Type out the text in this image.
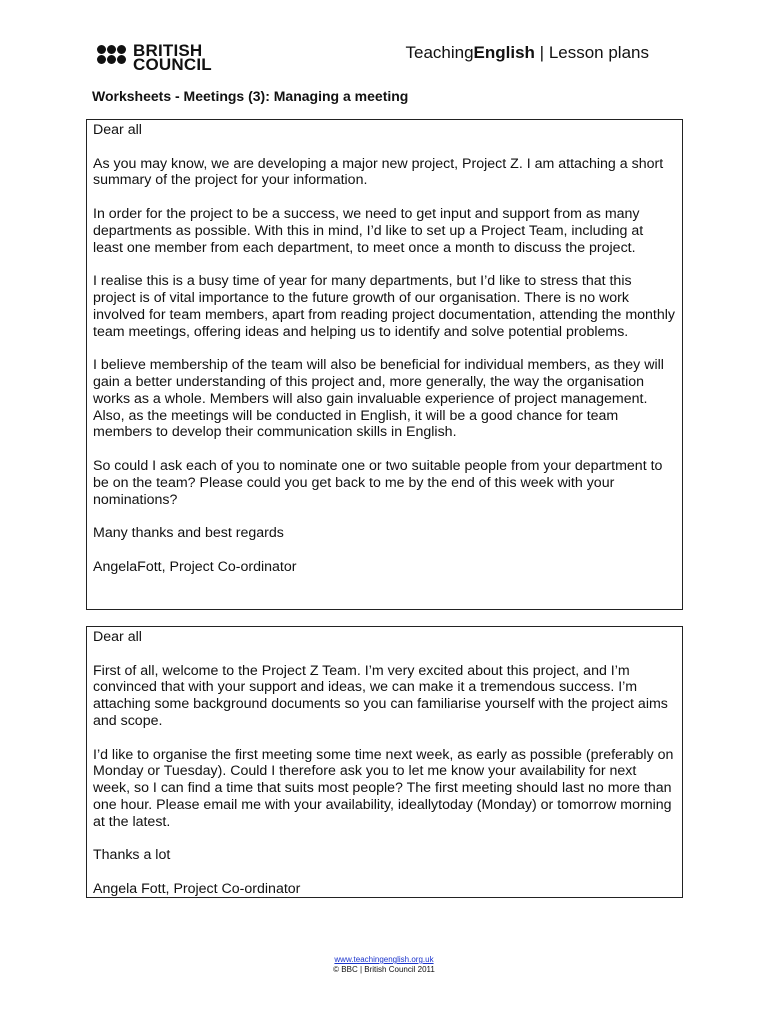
BRITISH
COUNCIL
TeachingEnglish | Lesson plans
Worksheets - Meetings (3): Managing a meeting

Dear all

As you may know, we are developing a major new project, Project Z. I am attaching a short summary of the project for your information.

In order for the project to be a success, we need to get input and support from as many departments as possible. With this in mind, I’d like to set up a Project Team, including at least one member from each department, to meet once a month to discuss the project.

I realise this is a busy time of year for many departments, but I’d like to stress that this project is of vital importance to the future growth of our organisation. There is no work involved for team members, apart from reading project documentation, attending the monthly team meetings, offering ideas and helping us to identify and solve potential problems.

I believe membership of the team will also be beneficial for individual members, as they will gain a better understanding of this project and, more generally, the way the organisation works as a whole. Members will also gain invaluable experience of project management. Also, as the meetings will be conducted in English, it will be a good chance for team members to develop their communication skills in English.

So could I ask each of you to nominate one or two suitable people from your department to be on the team? Please could you get back to me by the end of this week with your nominations?

Many thanks and best regards

AngelaFott, Project Co-ordinator

Dear all

First of all, welcome to the Project Z Team. I’m very excited about this project, and I’m convinced that with your support and ideas, we can make it a tremendous success. I’m attaching some background documents so you can familiarise yourself with the project aims and scope.

I’d like to organise the first meeting some time next week, as early as possible (preferably on Monday or Tuesday). Could I therefore ask you to let me know your availability for next week, so I can find a time that suits most people? The first meeting should last no more than one hour. Please email me with your availability, ideallytoday (Monday) or tomorrow morning at the latest.

Thanks a lot

Angela Fott, Project Co-ordinator

www.teachingenglish.org.uk
© BBC | British Council 2011
